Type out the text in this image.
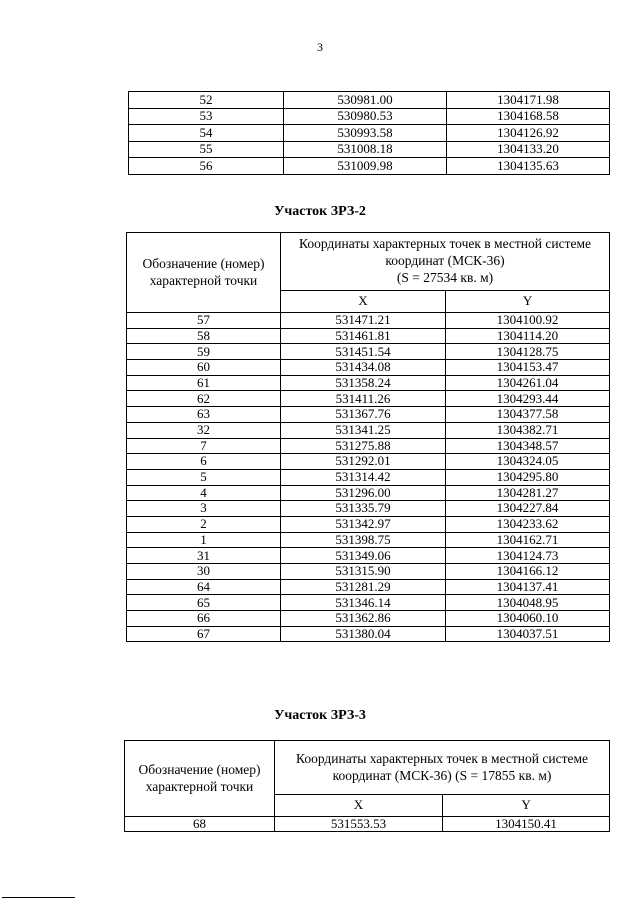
3
52	530981.00	1304171.98
53	530980.53	1304168.58
54	530993.58	1304126.92
55	531008.18	1304133.20
56	531009.98	1304135.63
Участок ЗРЗ-2
Обозначение (номер) характерной точки	Координаты характерных точек в местной системе координат (МСК-36)
(S = 27534 кв. м)	
	X	Y
57	531471.21	1304100.92
58	531461.81	1304114.20
59	531451.54	1304128.75
60	531434.08	1304153.47
61	531358.24	1304261.04
62	531411.26	1304293.44
63	531367.76	1304377.58
32	531341.25	1304382.71
7	531275.88	1304348.57
6	531292.01	1304324.05
5	531314.42	1304295.80
4	531296.00	1304281.27
3	531335.79	1304227.84
2	531342.97	1304233.62
1	531398.75	1304162.71
31	531349.06	1304124.73
30	531315.90	1304166.12
64	531281.29	1304137.41
65	531346.14	1304048.95
66	531362.86	1304060.10
67	531380.04	1304037.51
Участок ЗРЗ-3
Обозначение (номер) характерной точки	Координаты характерных точек в местной системе координат (МСК-36) (S = 17855 кв. м)	
	X	Y
68	531553.53	1304150.41
